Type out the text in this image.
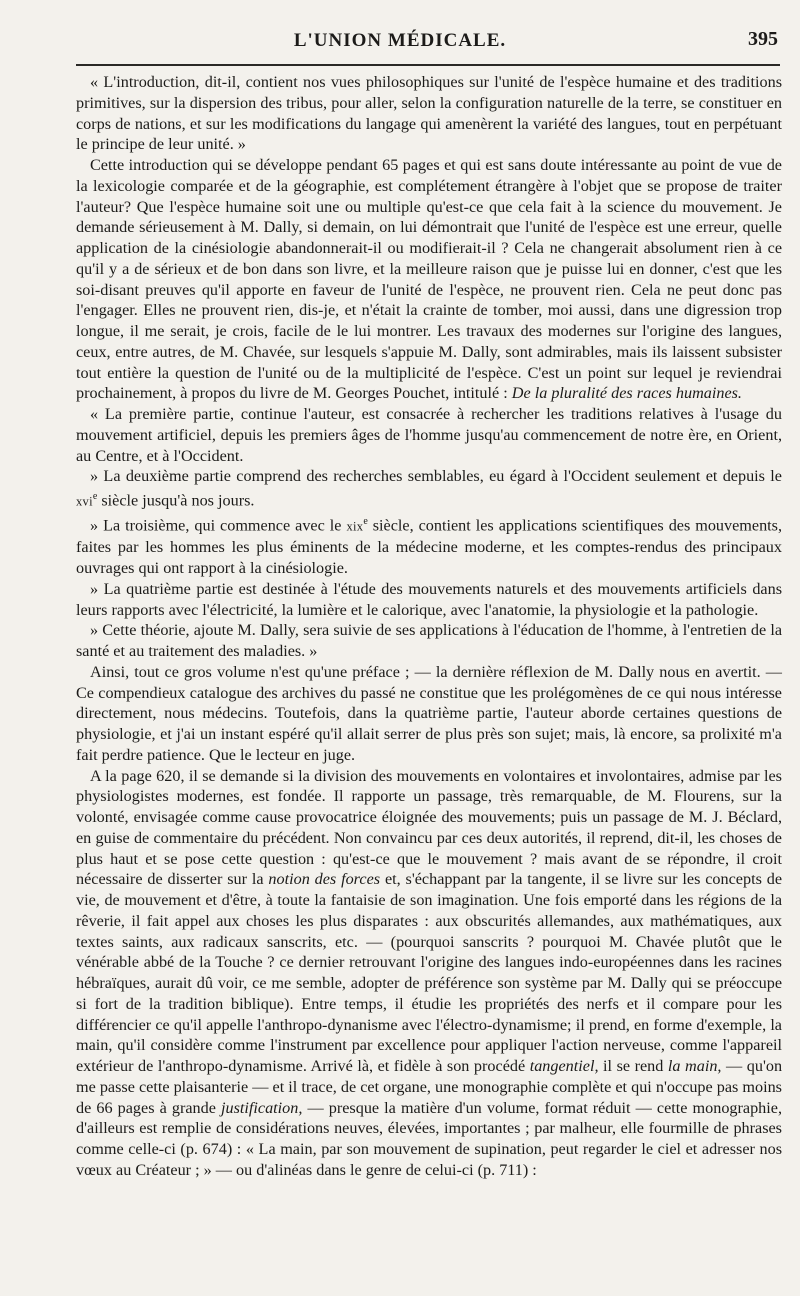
L'UNION MÉDICALE.	395

« L'introduction, dit-il, contient nos vues philosophiques sur l'unité de l'espèce humaine et des traditions primitives, sur la dispersion des tribus, pour aller, selon la configuration naturelle de la terre, se constituer en corps de nations, et sur les modifications du langage qui amenèrent la variété des langues, tout en perpétuant le principe de leur unité. »

Cette introduction qui se développe pendant 65 pages et qui est sans doute intéressante au point de vue de la lexicologie comparée et de la géographie, est complétement étrangère à l'objet que se propose de traiter l'auteur? Que l'espèce humaine soit une ou multiple qu'est-ce que cela fait à la science du mouvement. Je demande sérieusement à M. Dally, si demain, on lui démontrait que l'unité de l'espèce est une erreur, quelle application de la cinésiologie abandonnerait-il ou modifierait-il ? Cela ne changerait absolument rien à ce qu'il y a de sérieux et de bon dans son livre, et la meilleure raison que je puisse lui en donner, c'est que les soi-disant preuves qu'il apporte en faveur de l'unité de l'espèce, ne prouvent rien. Cela ne peut donc pas l'engager. Elles ne prouvent rien, dis-je, et n'était la crainte de tomber, moi aussi, dans une digression trop longue, il me serait, je crois, facile de le lui montrer. Les travaux des modernes sur l'origine des langues, ceux, entre autres, de M. Chavée, sur lesquels s'appuie M. Dally, sont admirables, mais ils laissent subsister tout entière la question de l'unité ou de la multiplicité de l'espèce. C'est un point sur lequel je reviendrai prochainement, à propos du livre de M. Georges Pouchet, intitulé : De la pluralité des races humaines.

« La première partie, continue l'auteur, est consacrée à rechercher les traditions relatives à l'usage du mouvement artificiel, depuis les premiers âges de l'homme jusqu'au commencement de notre ère, en Orient, au Centre, et à l'Occident.

» La deuxième partie comprend des recherches semblables, eu égard à l'Occident seulement et depuis le xvi$^e$ siècle jusqu'à nos jours.

» La troisième, qui commence avec le xix$^e$ siècle, contient les applications scientifiques des mouvements, faites par les hommes les plus éminents de la médecine moderne, et les comptes-rendus des principaux ouvrages qui ont rapport à la cinésiologie.

» La quatrième partie est destinée à l'étude des mouvements naturels et des mouvements artificiels dans leurs rapports avec l'électricité, la lumière et le calorique, avec l'anatomie, la physiologie et la pathologie.

» Cette théorie, ajoute M. Dally, sera suivie de ses applications à l'éducation de l'homme, à l'entretien de la santé et au traitement des maladies. »

Ainsi, tout ce gros volume n'est qu'une préface ; — la dernière réflexion de M. Dally nous en avertit. — Ce compendieux catalogue des archives du passé ne constitue que les prolégomènes de ce qui nous intéresse directement, nous médecins. Toutefois, dans la quatrième partie, l'auteur aborde certaines questions de physiologie, et j'ai un instant espéré qu'il allait serrer de plus près son sujet; mais, là encore, sa prolixité m'a fait perdre patience. Que le lecteur en juge.

A la page 620, il se demande si la division des mouvements en volontaires et involontaires, admise par les physiologistes modernes, est fondée. Il rapporte un passage, très remarquable, de M. Flourens, sur la volonté, envisagée comme cause provocatrice éloignée des mouvements; puis un passage de M. J. Béclard, en guise de commentaire du précédent. Non convaincu par ces deux autorités, il reprend, dit-il, les choses de plus haut et se pose cette question : qu'est-ce que le mouvement ? mais avant de se répondre, il croit nécessaire de disserter sur la notion des forces et, s'échappant par la tangente, il se livre sur les concepts de vie, de mouvement et d'être, à toute la fantaisie de son imagination. Une fois emporté dans les régions de la rêverie, il fait appel aux choses les plus disparates : aux obscurités allemandes, aux mathématiques, aux textes saints, aux radicaux sanscrits, etc. — (pourquoi sanscrits ? pourquoi M. Chavée plutôt que le vénérable abbé de la Touche ? ce dernier retrouvant l'origine des langues indo-européennes dans les racines hébraïques, aurait dû voir, ce me semble, adopter de préférence son système par M. Dally qui se préoccupe si fort de la tradition biblique). Entre temps, il étudie les propriétés des nerfs et il compare pour les différencier ce qu'il appelle l'anthropo-dynanisme avec l'électro-dynamisme; il prend, en forme d'exemple, la main, qu'il considère comme l'instrument par excellence pour appliquer l'action nerveuse, comme l'appareil extérieur de l'anthropo-dynamisme. Arrivé là, et fidèle à son procédé tangentiel, il se rend la main, — qu'on me passe cette plaisanterie — et il trace, de cet organe, une monographie complète et qui n'occupe pas moins de 66 pages à grande justification, — presque la matière d'un volume, format réduit — cette monographie, d'ailleurs est remplie de considérations neuves, élevées, importantes ; par malheur, elle fourmille de phrases comme celle-ci (p. 674) : « La main, par son mouvement de supination, peut regarder le ciel et adresser nos vœux au Créateur ; » — ou d'alinéas dans le genre de celui-ci (p. 711) :
